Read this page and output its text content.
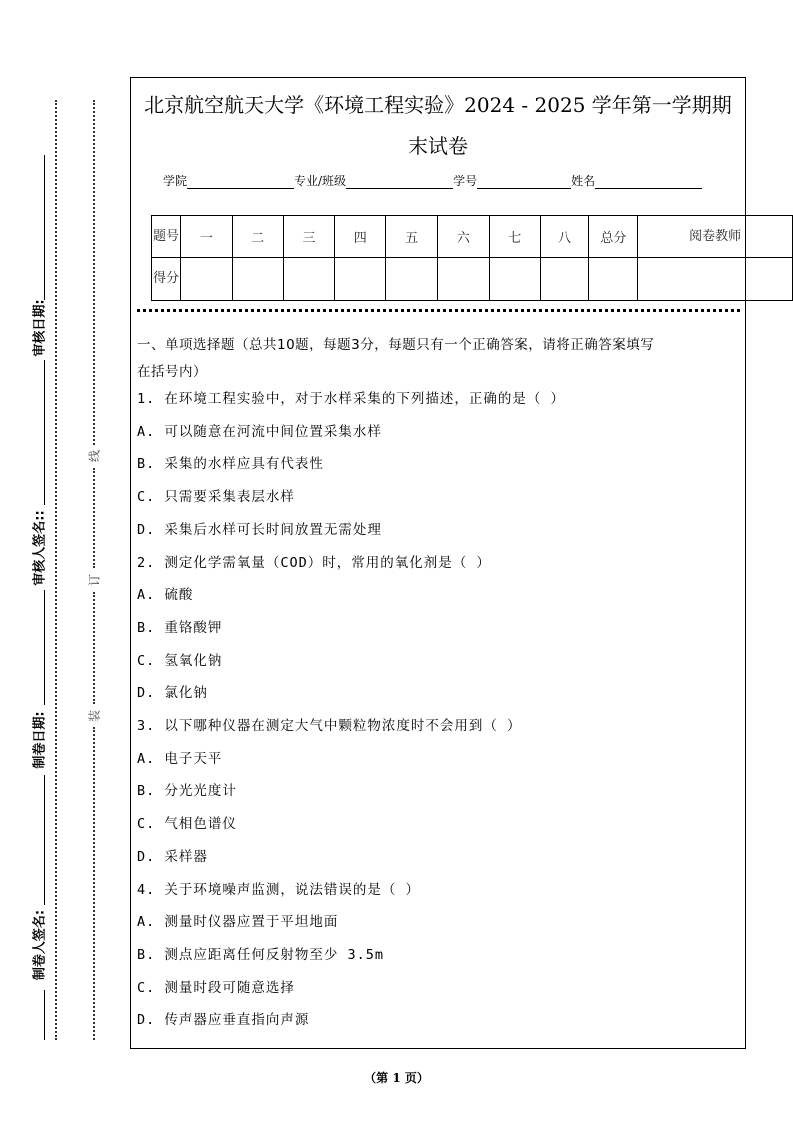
审核日期:
审核人签名::
制卷日期:
制卷人签名:
线
订
装
北京航空航天大学《环境工程实验》2024 - 2025 学年第一学期期
末试卷
学院	专业/班级	学号	姓名
题号	一	二	三	四	五	六	七	八	总分	阅卷教师
得分										
一、单项选择题（总共10题，每题3分，每题只有一个正确答案，请将正确答案填写
在括号内）
1. 在环境工程实验中，对于水样采集的下列描述，正确的是（ ）
A. 可以随意在河流中间位置采集水样
B. 采集的水样应具有代表性
C. 只需要采集表层水样
D. 采集后水样可长时间放置无需处理
2. 测定化学需氧量（COD）时，常用的氧化剂是（ ）
A. 硫酸
B. 重铬酸钾
C. 氢氧化钠
D. 氯化钠
3. 以下哪种仪器在测定大气中颗粒物浓度时不会用到（ ）
A. 电子天平
B. 分光光度计
C. 气相色谱仪
D. 采样器
4. 关于环境噪声监测，说法错误的是（ ）
A. 测量时仪器应置于平坦地面
B. 测点应距离任何反射物至少 3.5m
C. 测量时段可随意选择
D. 传声器应垂直指向声源
（第 1 页）
